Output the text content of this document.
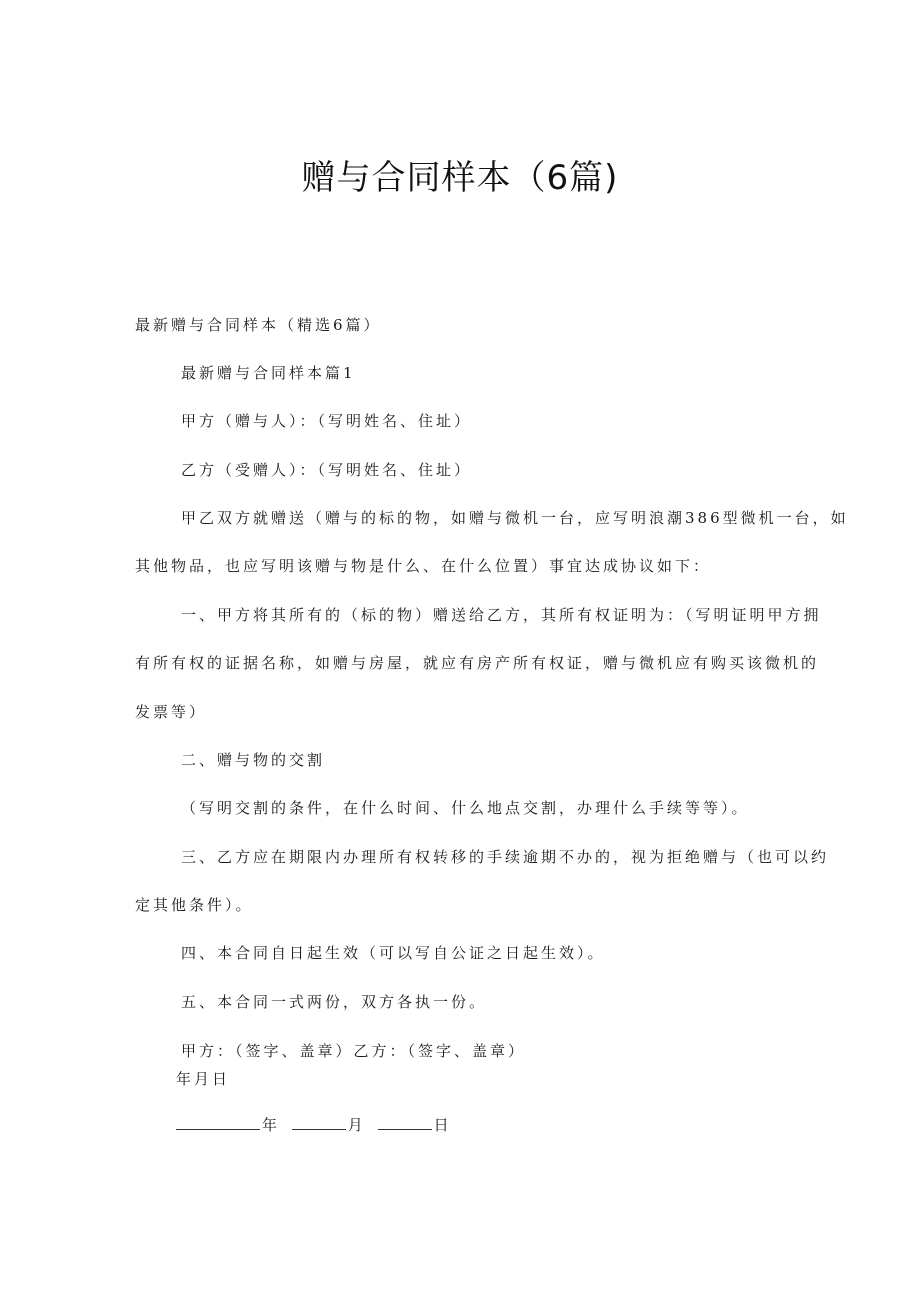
赠与合同样本（6篇)
最新赠与合同样本（精选6篇）
最新赠与合同样本篇1
甲方（赠与人）：（写明姓名、住址）
乙方（受赠人）：（写明姓名、住址）
甲乙双方就赠送（赠与的标的物，如赠与微机一台，应写明浪潮386型微机一台，如
其他物品，也应写明该赠与物是什么、在什么位置）事宜达成协议如下：
一、甲方将其所有的（标的物）赠送给乙方，其所有权证明为：（写明证明甲方拥
有所有权的证据名称，如赠与房屋，就应有房产所有权证，赠与微机应有购买该微机的
发票等）
二、赠与物的交割
（写明交割的条件，在什么时间、什么地点交割，办理什么手续等等）。
三、乙方应在期限内办理所有权转移的手续逾期不办的，视为拒绝赠与（也可以约
定其他条件）。
四、本合同自日起生效（可以写自公证之日起生效）。
五、本合同一式两份，双方各执一份。
甲方：（签字、盖章）乙方：（签字、盖章）
年月日
年	月	日
